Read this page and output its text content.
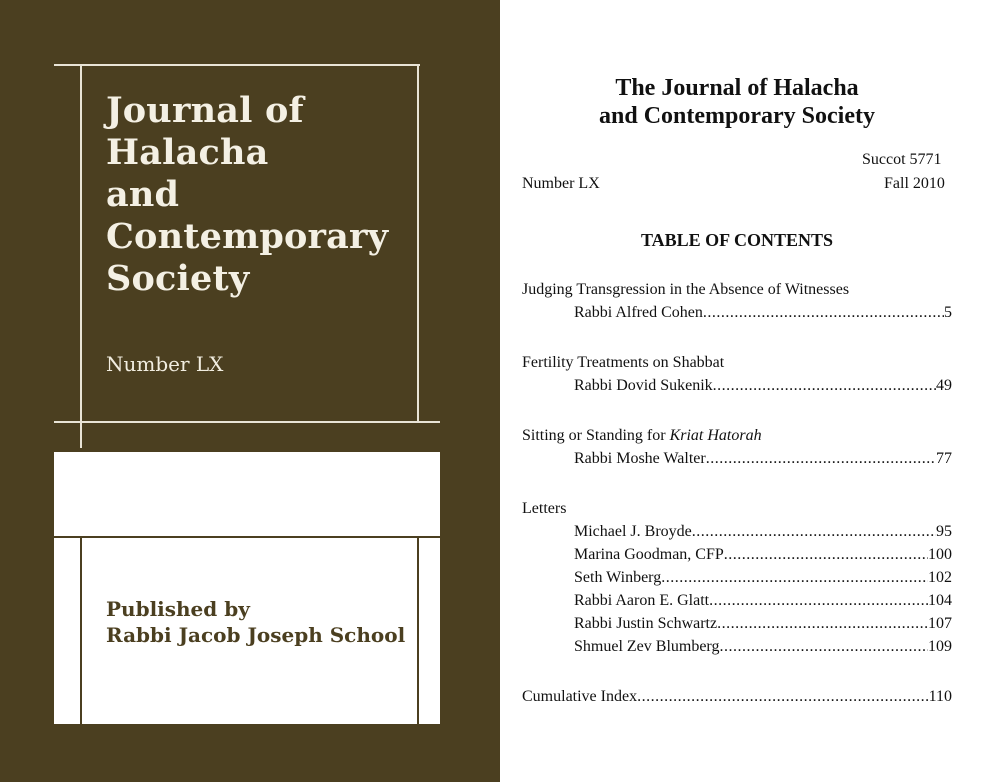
Journal of
Halacha
and
Contemporary
Society
Number LX
Published by
Rabbi Jacob Joseph School
The Journal of Halacha
and Contemporary Society
Succot 5771
Number LX	Fall 2010
TABLE OF CONTENTS
Judging Transgression in the Absence of Witnesses
Rabbi Alfred Cohen .....	5
Fertility Treatments on Shabbat
Rabbi Dovid Sukenik .....	49
Sitting or Standing for Kriat Hatorah
Rabbi Moshe Walter .....	77
Letters
Michael J. Broyde .....	95
Marina Goodman, CFP .....	100
Seth Winberg .....	102
Rabbi Aaron E. Glatt .....	104
Rabbi Justin Schwartz .....	107
Shmuel Zev Blumberg .....	109
Cumulative Index .....	110
